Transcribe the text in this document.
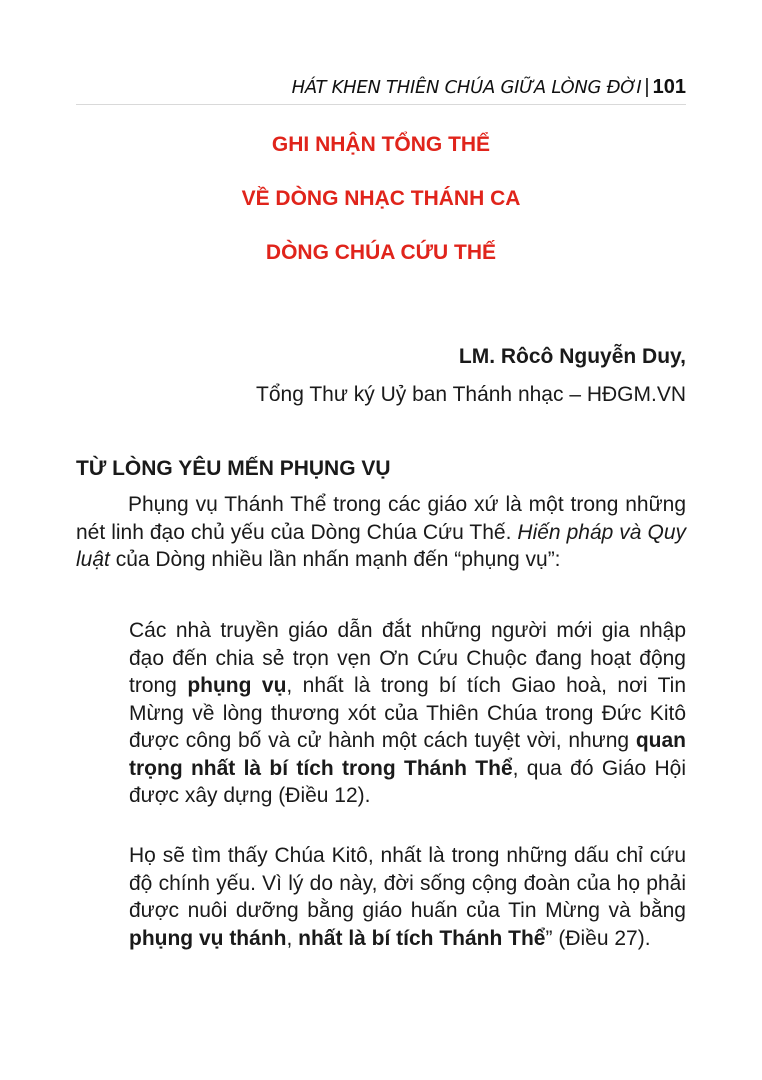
HÁT KHEN THIÊN CHÚA GIỮA LÒNG ĐỜI | 101
GHI NHẬN TỔNG THỂ
VỀ DÒNG NHẠC THÁNH CA
DÒNG CHÚA CỨU THẾ
LM. Rôcô Nguyễn Duy,
Tổng Thư ký Uỷ ban Thánh nhạc – HĐGM.VN
TỪ LÒNG YÊU MẾN PHỤNG VỤ

Phụng vụ Thánh Thể trong các giáo xứ là một trong những nét linh đạo chủ yếu của Dòng Chúa Cứu Thế. Hiến pháp và Quy luật của Dòng nhiều lần nhấn mạnh đến “phụng vụ”:

Các nhà truyền giáo dẫn đắt những người mới gia nhập đạo đến chia sẻ trọn vẹn Ơn Cứu Chuộc đang hoạt động trong phụng vụ, nhất là trong bí tích Giao hoà, nơi Tin Mừng về lòng thương xót của Thiên Chúa trong Đức Kitô được công bố và cử hành một cách tuyệt vời, nhưng quan trọng nhất là bí tích trong Thánh Thể, qua đó Giáo Hội được xây dựng (Điều 12).

Họ sẽ tìm thấy Chúa Kitô, nhất là trong những dấu chỉ cứu độ chính yếu. Vì lý do này, đời sống cộng đoàn của họ phải được nuôi dưỡng bằng giáo huấn của Tin Mừng và bằng phụng vụ thánh, nhất là bí tích Thánh Thể” (Điều 27).
